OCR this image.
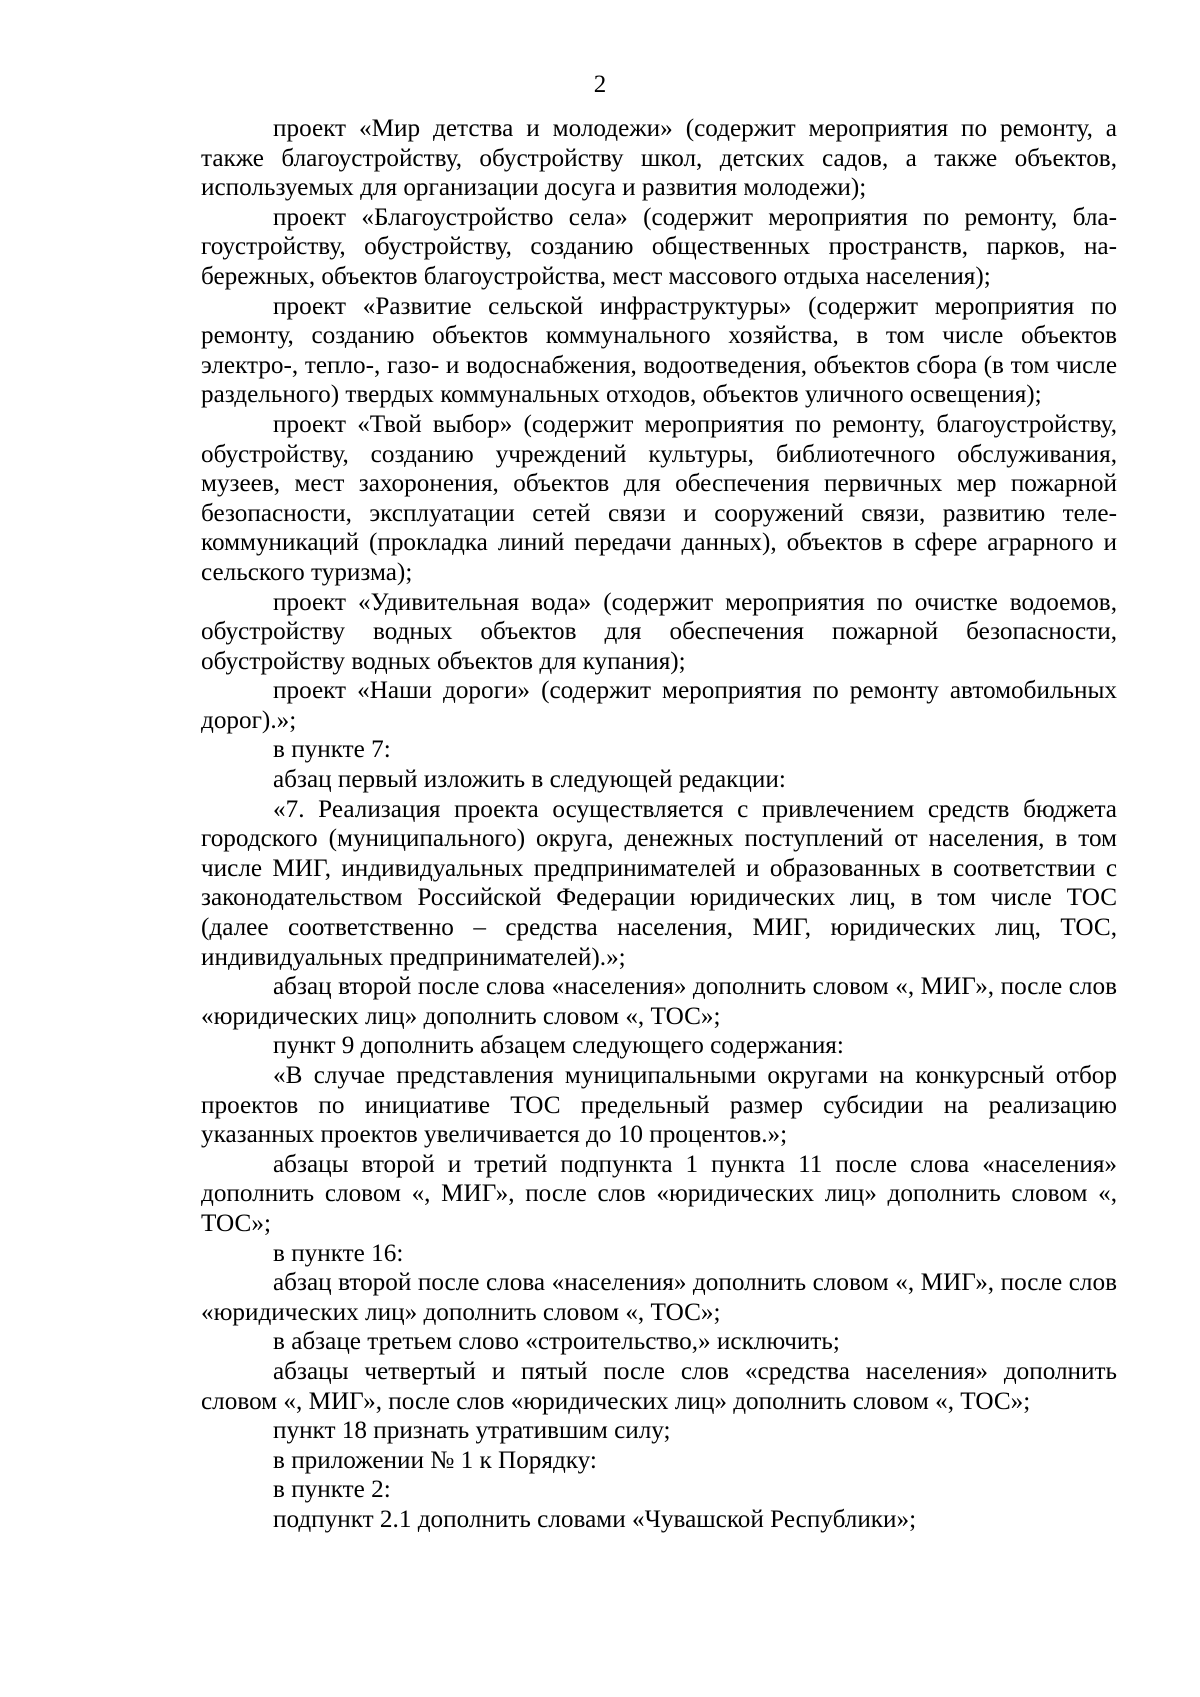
2

проект «Мир детства и молодежи» (содержит мероприятия по ремонту, а также благоустройству, обустройству школ, детских садов, а также объектов, используемых для организации досуга и развития молодежи);

проект «Благоустройство села» (содержит мероприятия по ремонту, благоустройству, обустройству, созданию общественных пространств, парков, набережных, объектов благоустройства, мест массового отдыха населения);

проект «Развитие сельской инфраструктуры» (содержит мероприятия по ремонту, созданию объектов коммунального хозяйства, в том числе объектов электро-, тепло-, газо- и водоснабжения, водоотведения, объектов сбора (в том числе раздельного) твердых коммунальных отходов, объектов уличного освещения);

проект «Твой выбор» (содержит мероприятия по ремонту, благоустройству, обустройству, созданию учреждений культуры, библиотечного обслуживания, музеев, мест захоронения, объектов для обеспечения первичных мер пожарной безопасности, эксплуатации сетей связи и сооружений связи, развитию телекоммуникаций (прокладка линий передачи данных), объектов в сфере аграрного и сельского туризма);

проект «Удивительная вода» (содержит мероприятия по очистке водоемов, обустройству водных объектов для обеспечения пожарной безопасности, обустройству водных объектов для купания);

проект «Наши дороги» (содержит мероприятия по ремонту автомобильных дорог).»;

в пункте 7:

абзац первый изложить в следующей редакции:

«7. Реализация проекта осуществляется с привлечением средств бюджета городского (муниципального) округа, денежных поступлений от населения, в том числе МИГ, индивидуальных предпринимателей и образованных в соответствии с законодательством Российской Федерации юридических лиц, в том числе ТОС (далее соответственно – средства населения, МИГ, юридических лиц, ТОС, индивидуальных предпринимателей).»;

абзац второй после слова «населения» дополнить словом «, МИГ», после слов «юридических лиц» дополнить словом «, ТОС»;

пункт 9 дополнить абзацем следующего содержания:

«В случае представления муниципальными округами на конкурсный отбор проектов по инициативе ТОС предельный размер субсидии на реализацию указанных проектов увеличивается до 10 процентов.»;

абзацы второй и третий подпункта 1 пункта 11 после слова «населения» дополнить словом «, МИГ», после слов «юридических лиц» дополнить словом «, ТОС»;

в пункте 16:

абзац второй после слова «населения» дополнить словом «, МИГ», после слов «юридических лиц» дополнить словом «, ТОС»;

в абзаце третьем слово «строительство,» исключить;

абзацы четвертый и пятый после слов «средства населения» дополнить словом «, МИГ», после слов «юридических лиц» дополнить словом «, ТОС»;

пункт 18 признать утратившим силу;

в приложении № 1 к Порядку:

в пункте 2:

подпункт 2.1 дополнить словами «Чувашской Республики»;
